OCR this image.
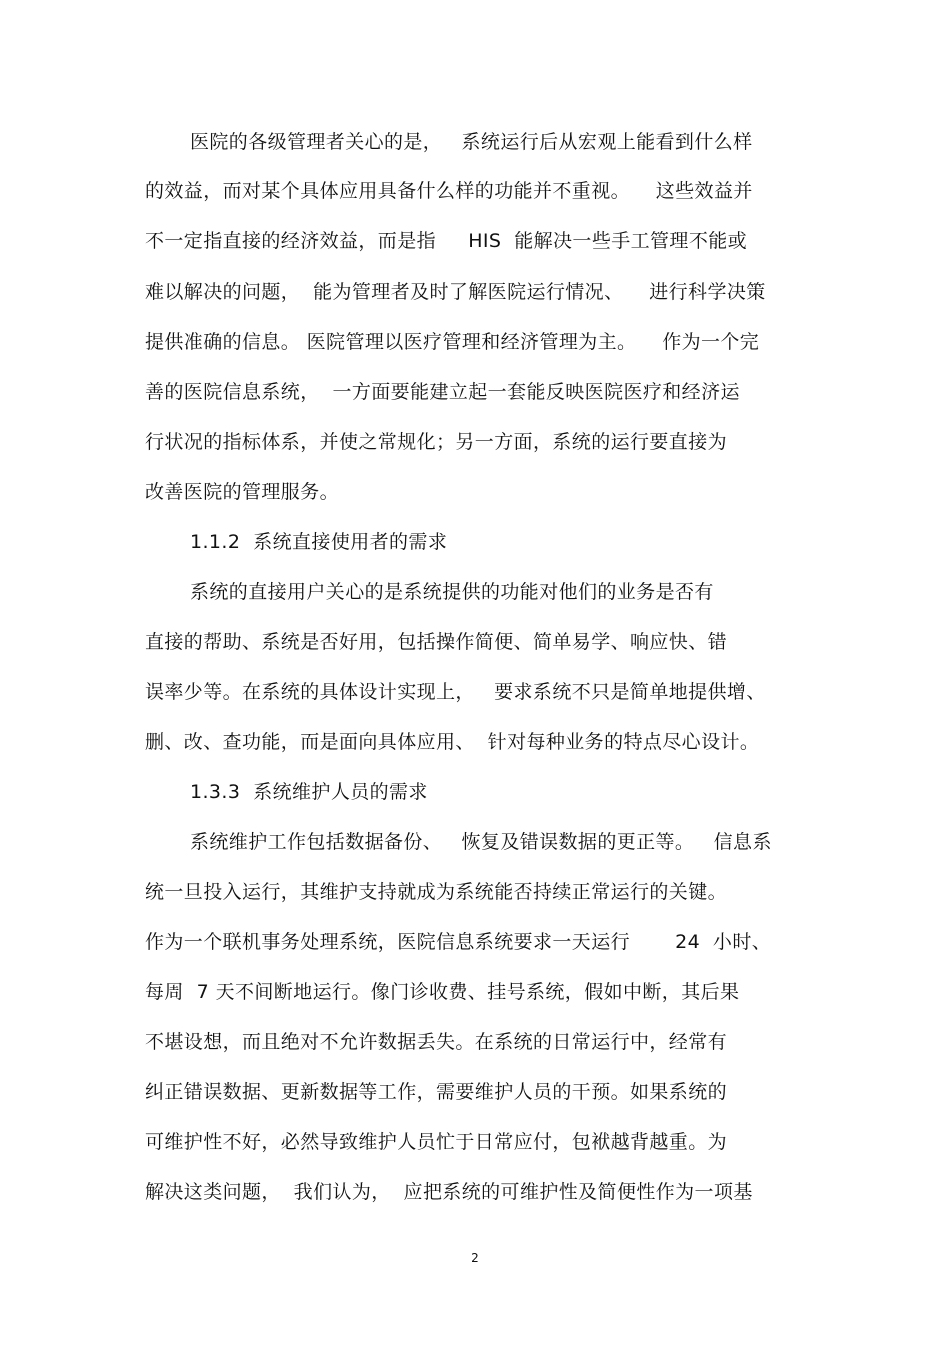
医院的各级管理者关心的是，   系统运行后从宏观上能看到什么样
的效益，而对某个具体应用具备什么样的功能并不重视。    这些效益并
不一定指直接的经济效益，而是指     HIS  能解决一些手工管理不能或
难以解决的问题，  能为管理者及时了解医院运行情况、    进行科学决策
提供准确的信息。 医院管理以医疗管理和经济管理为主。    作为一个完
善的医院信息系统，  一方面要能建立起一套能反映医院医疗和经济运
行状况的指标体系，并使之常规化；另一方面，系统的运行要直接为
改善医院的管理服务。
1.1.2  系统直接使用者的需求
系统的直接用户关心的是系统提供的功能对他们的业务是否有
直接的帮助、系统是否好用，包括操作简便、简单易学、响应快、错
误率少等。在系统的具体设计实现上，   要求系统不只是简单地提供增、
删、改、查功能，而是面向具体应用、  针对每种业务的特点尽心设计。
1.3.3  系统维护人员的需求
系统维护工作包括数据备份、   恢复及错误数据的更正等。   信息系
统一旦投入运行，其维护支持就成为系统能否持续正常运行的关键。
作为一个联机事务处理系统，医院信息系统要求一天运行       24  小时、
每周  7 天不间断地运行。像门诊收费、挂号系统，假如中断，其后果
不堪设想，而且绝对不允许数据丢失。在系统的日常运行中，经常有
纠正错误数据、更新数据等工作，需要维护人员的干预。如果系统的
可维护性不好，必然导致维护人员忙于日常应付，包袱越背越重。为
解决这类问题，  我们认为，  应把系统的可维护性及简便性作为一项基
2
